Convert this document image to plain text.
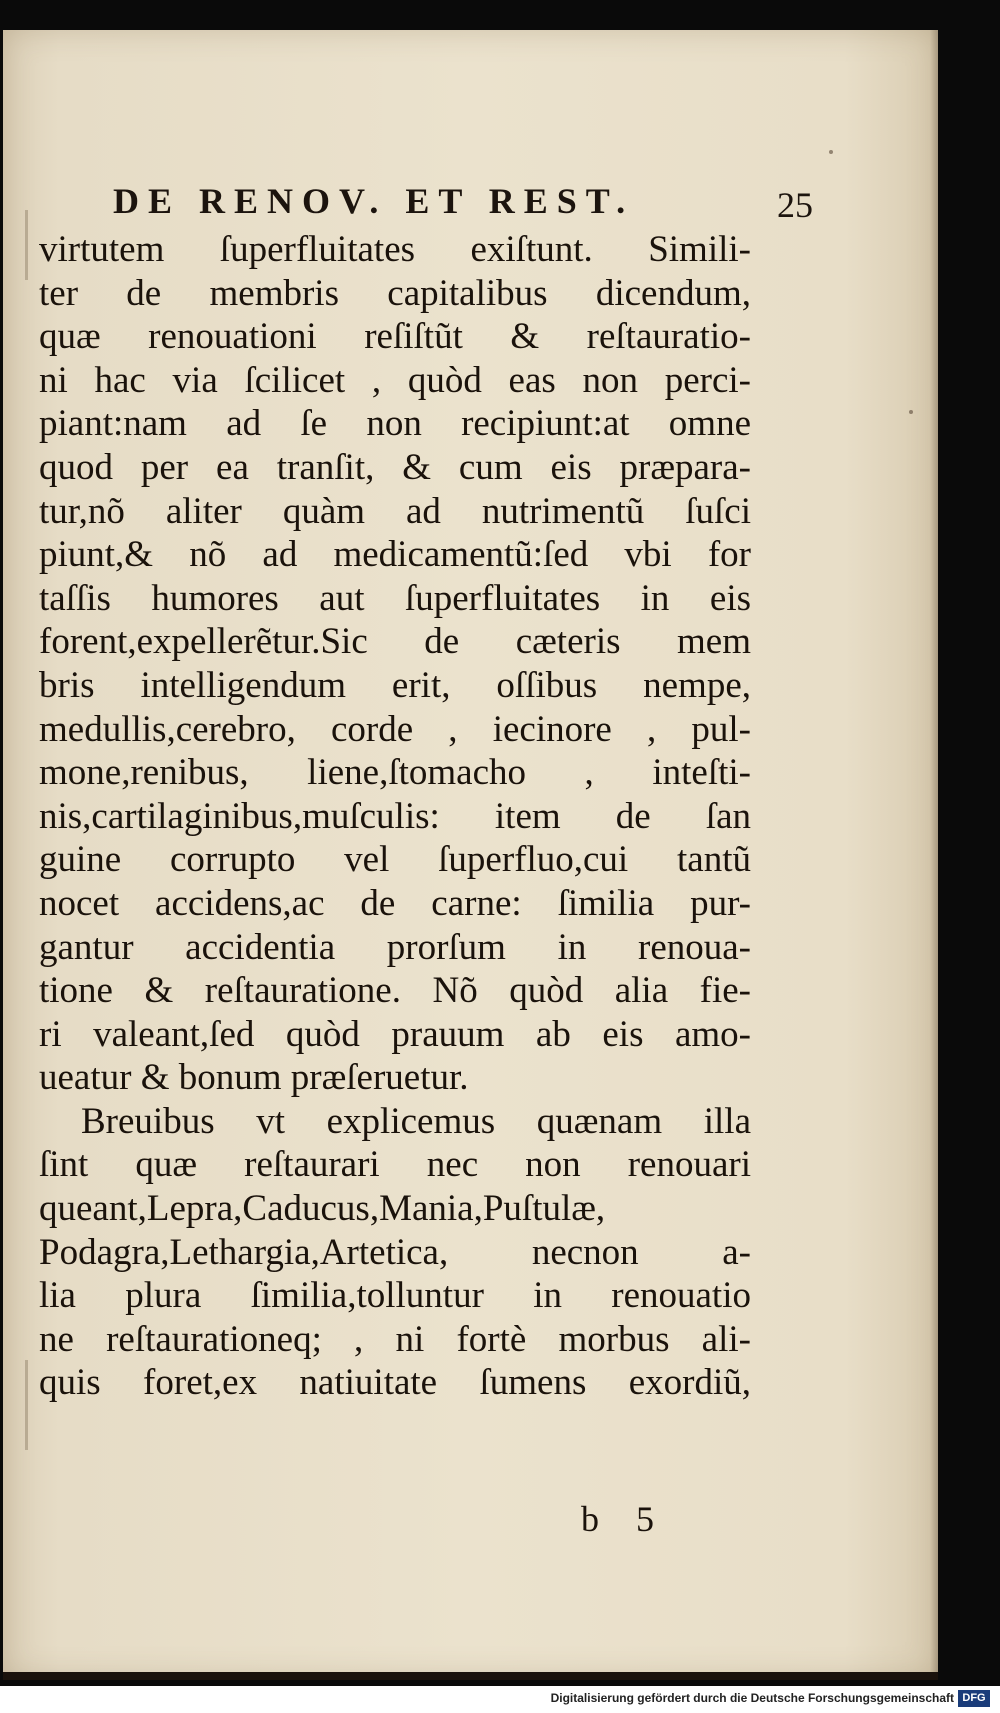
DE RENOV. ET REST.	25
virtutem ſuperfluitates exiſtunt. Simili-
ter de membris capitalibus dicendum,
quæ renouationi reſiſtũt & reſtauratio-
ni hac via ſcilicet , quòd eas non perci-
piant:nam ad ſe non recipiunt:at omne
quod per ea tranſit, & cum eis præpara-
tur,nõ aliter quàm ad nutrimentũ ſuſci
piunt,& nõ ad medicamentũ:ſed vbi for
taſſis humores aut ſuperfluitates in eis
forent,expellerẽtur.Sic de cæteris mem
bris intelligendum erit, oſſibus nempe,
medullis,cerebro, corde , iecinore , pul-
mone,renibus, liene,ſtomacho , inteſti-
nis,cartilaginibus,muſculis: item de ſan
guine corrupto vel ſuperfluo,cui tantũ
nocet accidens,ac de carne: ſimilia pur-
gantur accidentia prorſum in renoua-
tione & reſtauratione. Nõ quòd alia fie-
ri valeant,ſed quòd prauum ab eis amo-
ueatur & bonum præſeruetur.
Breuibus vt explicemus quænam illa
ſint quæ reſtaurari nec non renouari
queant,Lepra,Caducus,Mania,Puſtulæ,
Podagra,Lethargia,Artetica, necnon a-
lia plura ſimilia,tolluntur in renouatio
ne reſtaurationeq; , ni fortè morbus ali-
quis foret,ex natiuitate ſumens exordiũ,
b 5
Digitalisierung gefördert durch die Deutsche Forschungsgemeinschaft DFG
